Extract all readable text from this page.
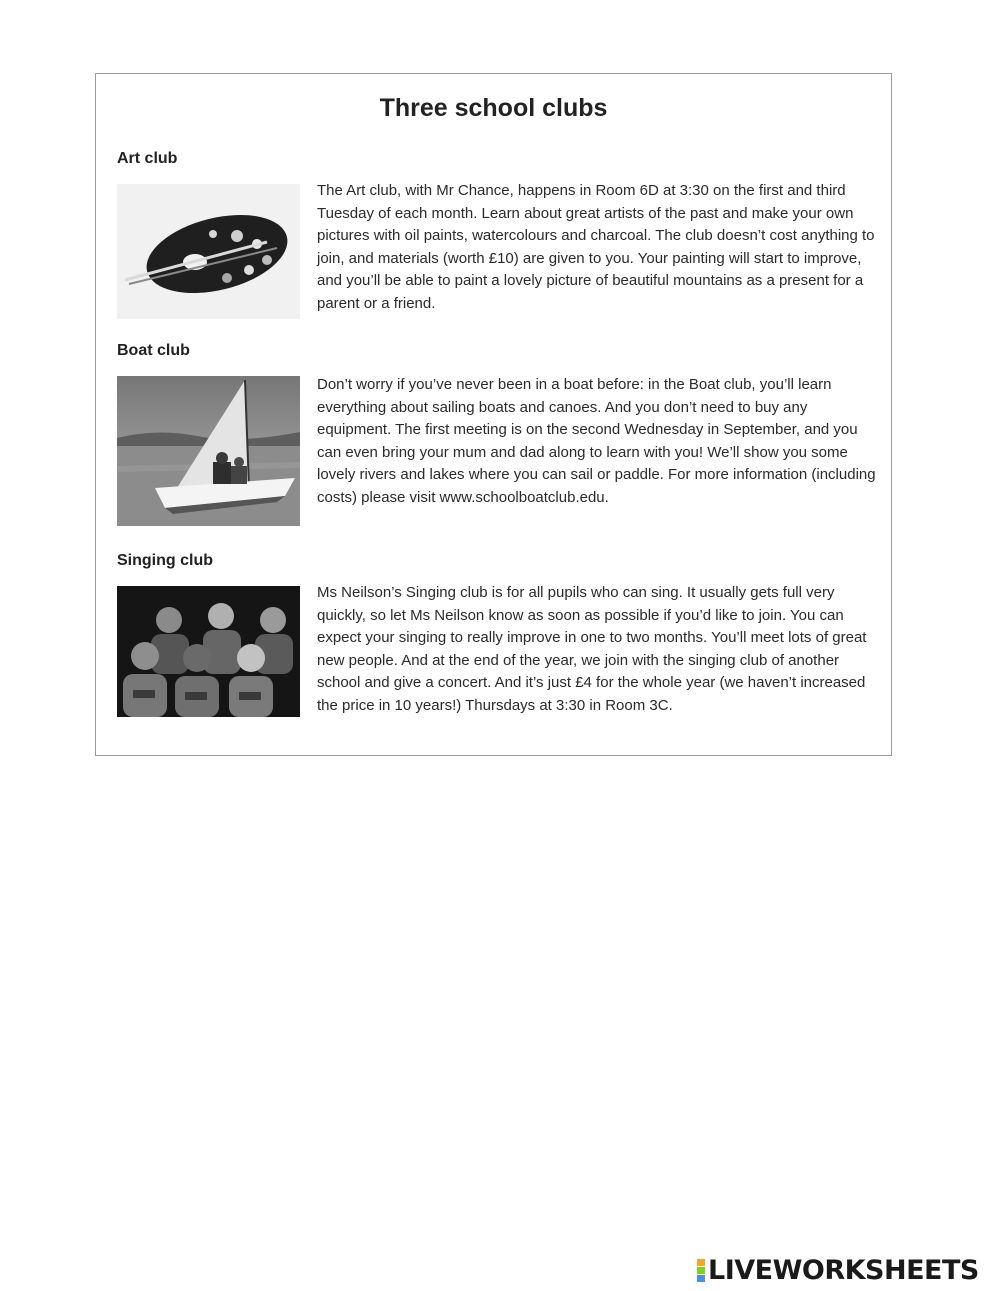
Three school clubs
Art club

The Art club, with Mr Chance, happens in Room 6D at 3:30 on the first and third Tuesday of each month. Learn about great artists of the past and make your own pictures with oil paints, watercolours and charcoal. The club doesn’t cost anything to join, and materials (worth £10) are given to you. Your painting will start to improve, and you’ll be able to paint a lovely picture of beautiful mountains as a present for a parent or a friend.

Boat club

Don’t worry if you’ve never been in a boat before: in the Boat club, you’ll learn everything about sailing boats and canoes. And you don’t need to buy any equipment. The first meeting is on the second Wednesday in September, and you can even bring your mum and dad along to learn with you! We’ll show you some lovely rivers and lakes where you can sail or paddle. For more information (including costs) please visit www.schoolboatclub.edu.

Singing club

Ms Neilson’s Singing club is for all pupils who can sing. It usually gets full very quickly, so let Ms Neilson know as soon as possible if you’d like to join. You can expect your singing to really improve in one to two months. You’ll meet lots of great new people. And at the end of the year, we join with the singing club of another school and give a concert. And it’s just £4 for the whole year (we haven’t increased the price in 10 years!) Thursdays at 3:30 in Room 3C.

LIVEWORKSHEETS
